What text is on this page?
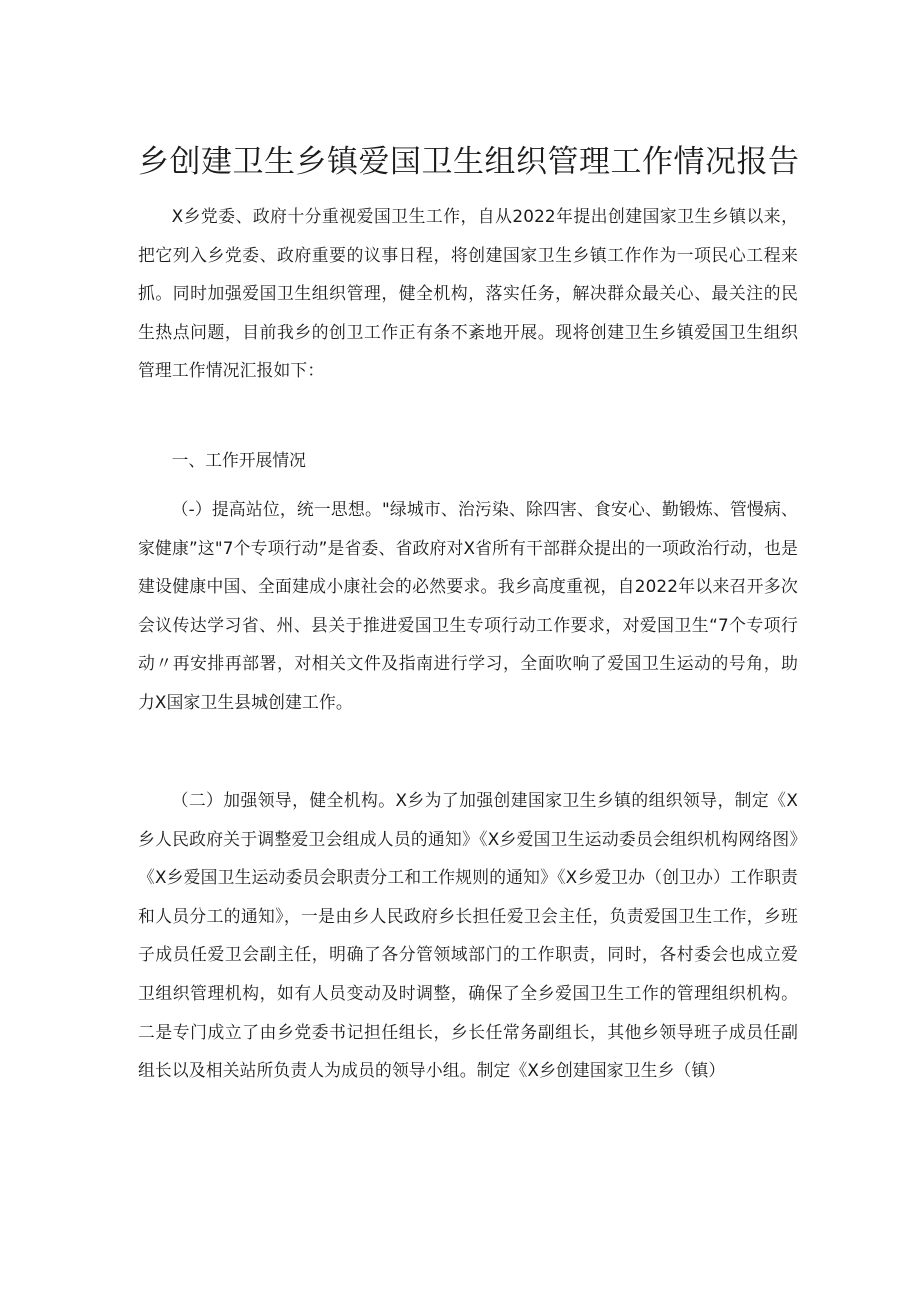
乡创建卫生乡镇爱国卫生组织管理工作情况报告

X乡党委、政府十分重视爱国卫生工作，自从2022年提出创建国家卫生乡镇以来，把它列入乡党委、政府重要的议事日程，将创建国家卫生乡镇工作作为一项民心工程来抓。同时加强爱国卫生组织管理，健全机构，落实任务，解决群众最关心、最关注的民生热点问题，目前我乡的创卫工作正有条不紊地开展。现将创建卫生乡镇爱国卫生组织管理工作情况汇报如下：

一、工作开展情况

（-）提高站位，统一思想。"绿城市、治污染、除四害、食安心、勤锻炼、管慢病、家健康”这"7个专项行动”是省委、省政府对X省所有干部群众提出的一项政治行动，也是建设健康中国、全面建成小康社会的必然要求。我乡高度重视，自2022年以来召开多次会议传达学习省、州、县关于推进爱国卫生专项行动工作要求，对爱国卫生“7个专项行动〃再安排再部署，对相关文件及指南进行学习，全面吹响了爱国卫生运动的号角，助力X国家卫生县城创建工作。

（二）加强领导，健全机构。X乡为了加强创建国家卫生乡镇的组织领导，制定《X乡人民政府关于调整爱卫会组成人员的通知》《X乡爱国卫生运动委员会组织机构网络图》《X乡爱国卫生运动委员会职责分工和工作规则的通知》《X乡爱卫办（创卫办）工作职责和人员分工的通知》，一是由乡人民政府乡长担任爱卫会主任，负责爱国卫生工作，乡班子成员任爱卫会副主任，明确了各分管领域部门的工作职责，同时，各村委会也成立爱卫组织管理机构，如有人员变动及时调整，确保了全乡爱国卫生工作的管理组织机构。二是专门成立了由乡党委书记担任组长，乡长任常务副组长，其他乡领导班子成员任副组长以及相关站所负责人为成员的领导小组。制定《X乡创建国家卫生乡（镇）
